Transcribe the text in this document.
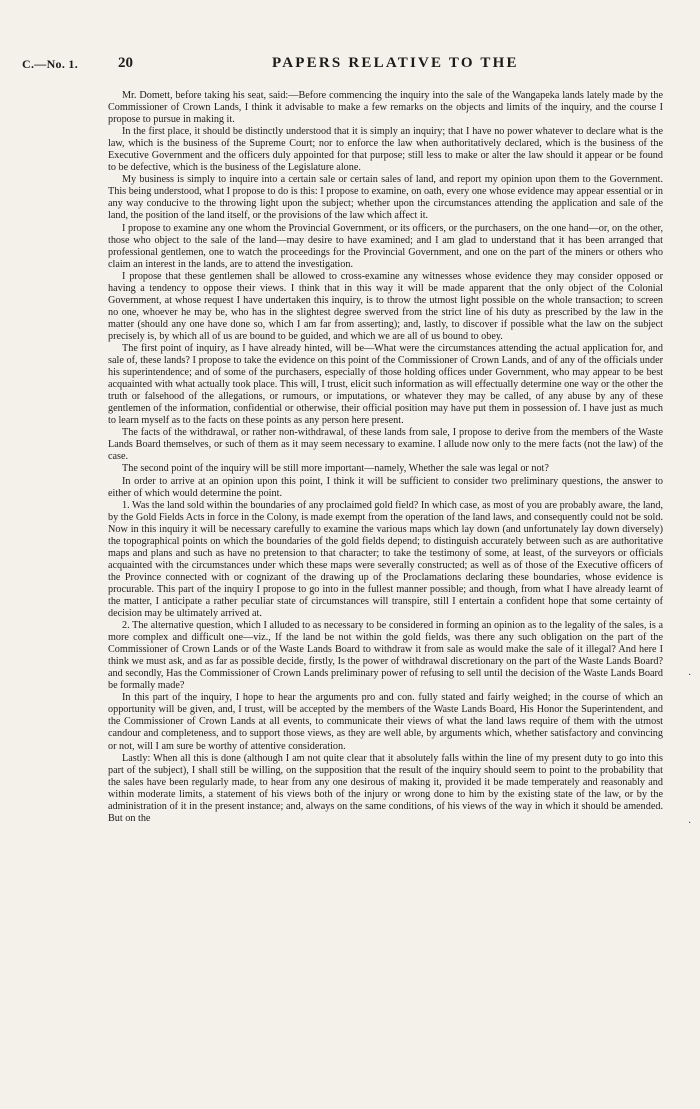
C.—No. 1.	20	PAPERS RELATIVE TO THE

Mr. Domett, before taking his seat, said:—Before commencing the inquiry into the sale of the Wangapeka lands lately made by the Commissioner of Crown Lands, I think it advisable to make a few remarks on the objects and limits of the inquiry, and the course I propose to pursue in making it.

In the first place, it should be distinctly understood that it is simply an inquiry; that I have no power whatever to declare what is the law, which is the business of the Supreme Court; nor to enforce the law when authoritatively declared, which is the business of the Executive Government and the officers duly appointed for that purpose; still less to make or alter the law should it appear or be found to be defective, which is the business of the Legislature alone.

My business is simply to inquire into a certain sale or certain sales of land, and report my opinion upon them to the Government. This being understood, what I propose to do is this: I propose to examine, on oath, every one whose evidence may appear essential or in any way conducive to the throwing light upon the subject; whether upon the circumstances attending the application and sale of the land, the position of the land itself, or the provisions of the law which affect it.

I propose to examine any one whom the Provincial Government, or its officers, or the purchasers, on the one hand—or, on the other, those who object to the sale of the land—may desire to have examined; and I am glad to understand that it has been arranged that professional gentlemen, one to watch the proceedings for the Provincial Government, and one on the part of the miners or others who claim an interest in the lands, are to attend the investigation.

I propose that these gentlemen shall be allowed to cross-examine any witnesses whose evidence they may consider opposed or having a tendency to oppose their views. I think that in this way it will be made apparent that the only object of the Colonial Government, at whose request I have undertaken this inquiry, is to throw the utmost light possible on the whole transaction; to screen no one, whoever he may be, who has in the slightest degree swerved from the strict line of his duty as prescribed by the law in the matter (should any one have done so, which I am far from asserting); and, lastly, to discover if possible what the law on the subject precisely is, by which all of us are bound to be guided, and which we are all of us bound to obey.

The first point of inquiry, as I have already hinted, will be—What were the circumstances attending the actual application for, and sale of, these lands? I propose to take the evidence on this point of the Commissioner of Crown Lands, and of any of the officials under his superintendence; and of some of the purchasers, especially of those holding offices under Government, who may appear to be best acquainted with what actually took place. This will, I trust, elicit such information as will effectually determine one way or the other the truth or falsehood of the allegations, or rumours, or imputations, or whatever they may be called, of any abuse by any of these gentlemen of the information, confidential or otherwise, their official position may have put them in possession of. I have just as much to learn myself as to the facts on these points as any person here present.

The facts of the withdrawal, or rather non-withdrawal, of these lands from sale, I propose to derive from the members of the Waste Lands Board themselves, or such of them as it may seem necessary to examine. I allude now only to the mere facts (not the law) of the case.

The second point of the inquiry will be still more important—namely, Whether the sale was legal or not?

In order to arrive at an opinion upon this point, I think it will be sufficient to consider two preliminary questions, the answer to either of which would determine the point.

1. Was the land sold within the boundaries of any proclaimed gold field? In which case, as most of you are probably aware, the land, by the Gold Fields Acts in force in the Colony, is made exempt from the operation of the land laws, and consequently could not be sold. Now in this inquiry it will be necessary carefully to examine the various maps which lay down (and unfortunately lay down diversely) the topographical points on which the boundaries of the gold fields depend; to distinguish accurately between such as are authoritative maps and plans and such as have no pretension to that character; to take the testimony of some, at least, of the surveyors or officials acquainted with the circumstances under which these maps were severally constructed; as well as of those of the Executive officers of the Province connected with or cognizant of the drawing up of the Proclamations declaring these boundaries, whose evidence is procurable. This part of the inquiry I propose to go into in the fullest manner possible; and though, from what I have already learnt of the matter, I anticipate a rather peculiar state of circumstances will transpire, still I entertain a confident hope that some certainty of decision may be ultimately arrived at.

2. The alternative question, which I alluded to as necessary to be considered in forming an opinion as to the legality of the sales, is a more complex and difficult one—viz., If the land be not within the gold fields, was there any such obligation on the part of the Commissioner of Crown Lands or of the Waste Lands Board to withdraw it from sale as would make the sale of it illegal? And here I think we must ask, and as far as possible decide, firstly, Is the power of withdrawal discretionary on the part of the Waste Lands Board? and secondly, Has the Commissioner of Crown Lands preliminary power of refusing to sell until the decision of the Waste Lands Board be formally made?

In this part of the inquiry, I hope to hear the arguments pro and con. fully stated and fairly weighed; in the course of which an opportunity will be given, and, I trust, will be accepted by the members of the Waste Lands Board, His Honor the Superintendent, and the Commissioner of Crown Lands at all events, to communicate their views of what the land laws require of them with the utmost candour and completeness, and to support those views, as they are well able, by arguments which, whether satisfactory and convincing or not, will I am sure be worthy of attentive consideration.

Lastly: When all this is done (although I am not quite clear that it absolutely falls within the line of my present duty to go into this part of the subject), I shall still be willing, on the supposition that the result of the inquiry should seem to point to the probability that the sales have been regularly made, to hear from any one desirous of making it, provided it be made temperately and reasonably and within moderate limits, a statement of his views both of the injury or wrong done to him by the existing state of the law, or by the administration of it in the present instance; and, always on the same conditions, of his views of the way in which it should be amended. But on the

·
·
